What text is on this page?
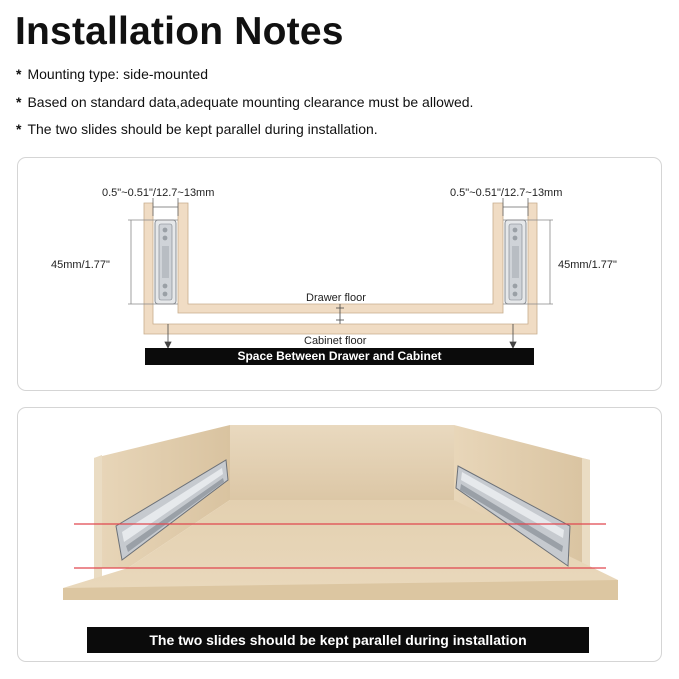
Installation Notes
* Mounting type: side-mounted
* Based on standard data,adequate mounting clearance must be allowed.
* The two slides should be kept parallel during installation.
0.5"~0.51"/12.7~13mm	0.5"~0.51"/12.7~13mm
45mm/1.77"	45mm/1.77"
Drawer floor
Cabinet floor
Space Between Drawer and Cabinet
The two slides should be kept parallel during installation
